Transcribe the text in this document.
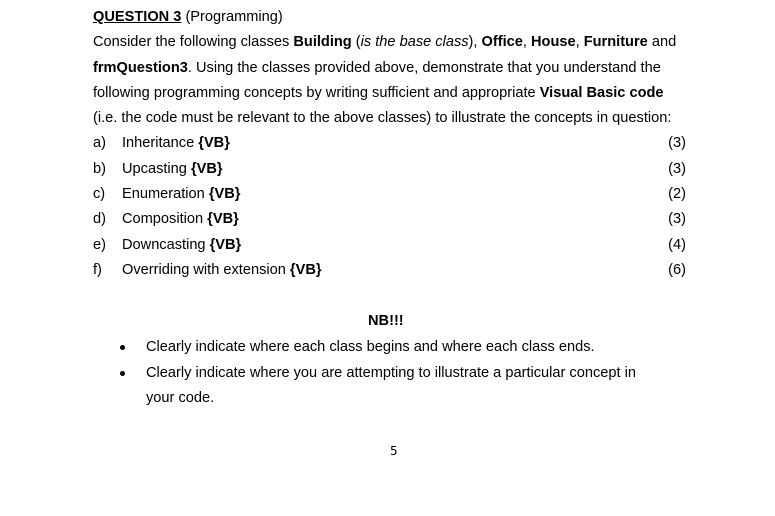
QUESTION 3 (Programming)
Consider the following classes Building (is the base class), Office, House, Furniture and
frmQuestion3. Using the classes provided above, demonstrate that you understand the
following programming concepts by writing sufficient and appropriate Visual Basic code
(i.e. the code must be relevant to the above classes) to illustrate the concepts in question:
a) Inheritance {VB}	(3)
b) Upcasting {VB}	(3)
c) Enumeration {VB}	(2)
d) Composition {VB}	(3)
e) Downcasting {VB}	(4)
f) Overriding with extension {VB}	(6)
NB!!!
Clearly indicate where each class begins and where each class ends.
Clearly indicate where you are attempting to illustrate a particular concept in
your code.
5
